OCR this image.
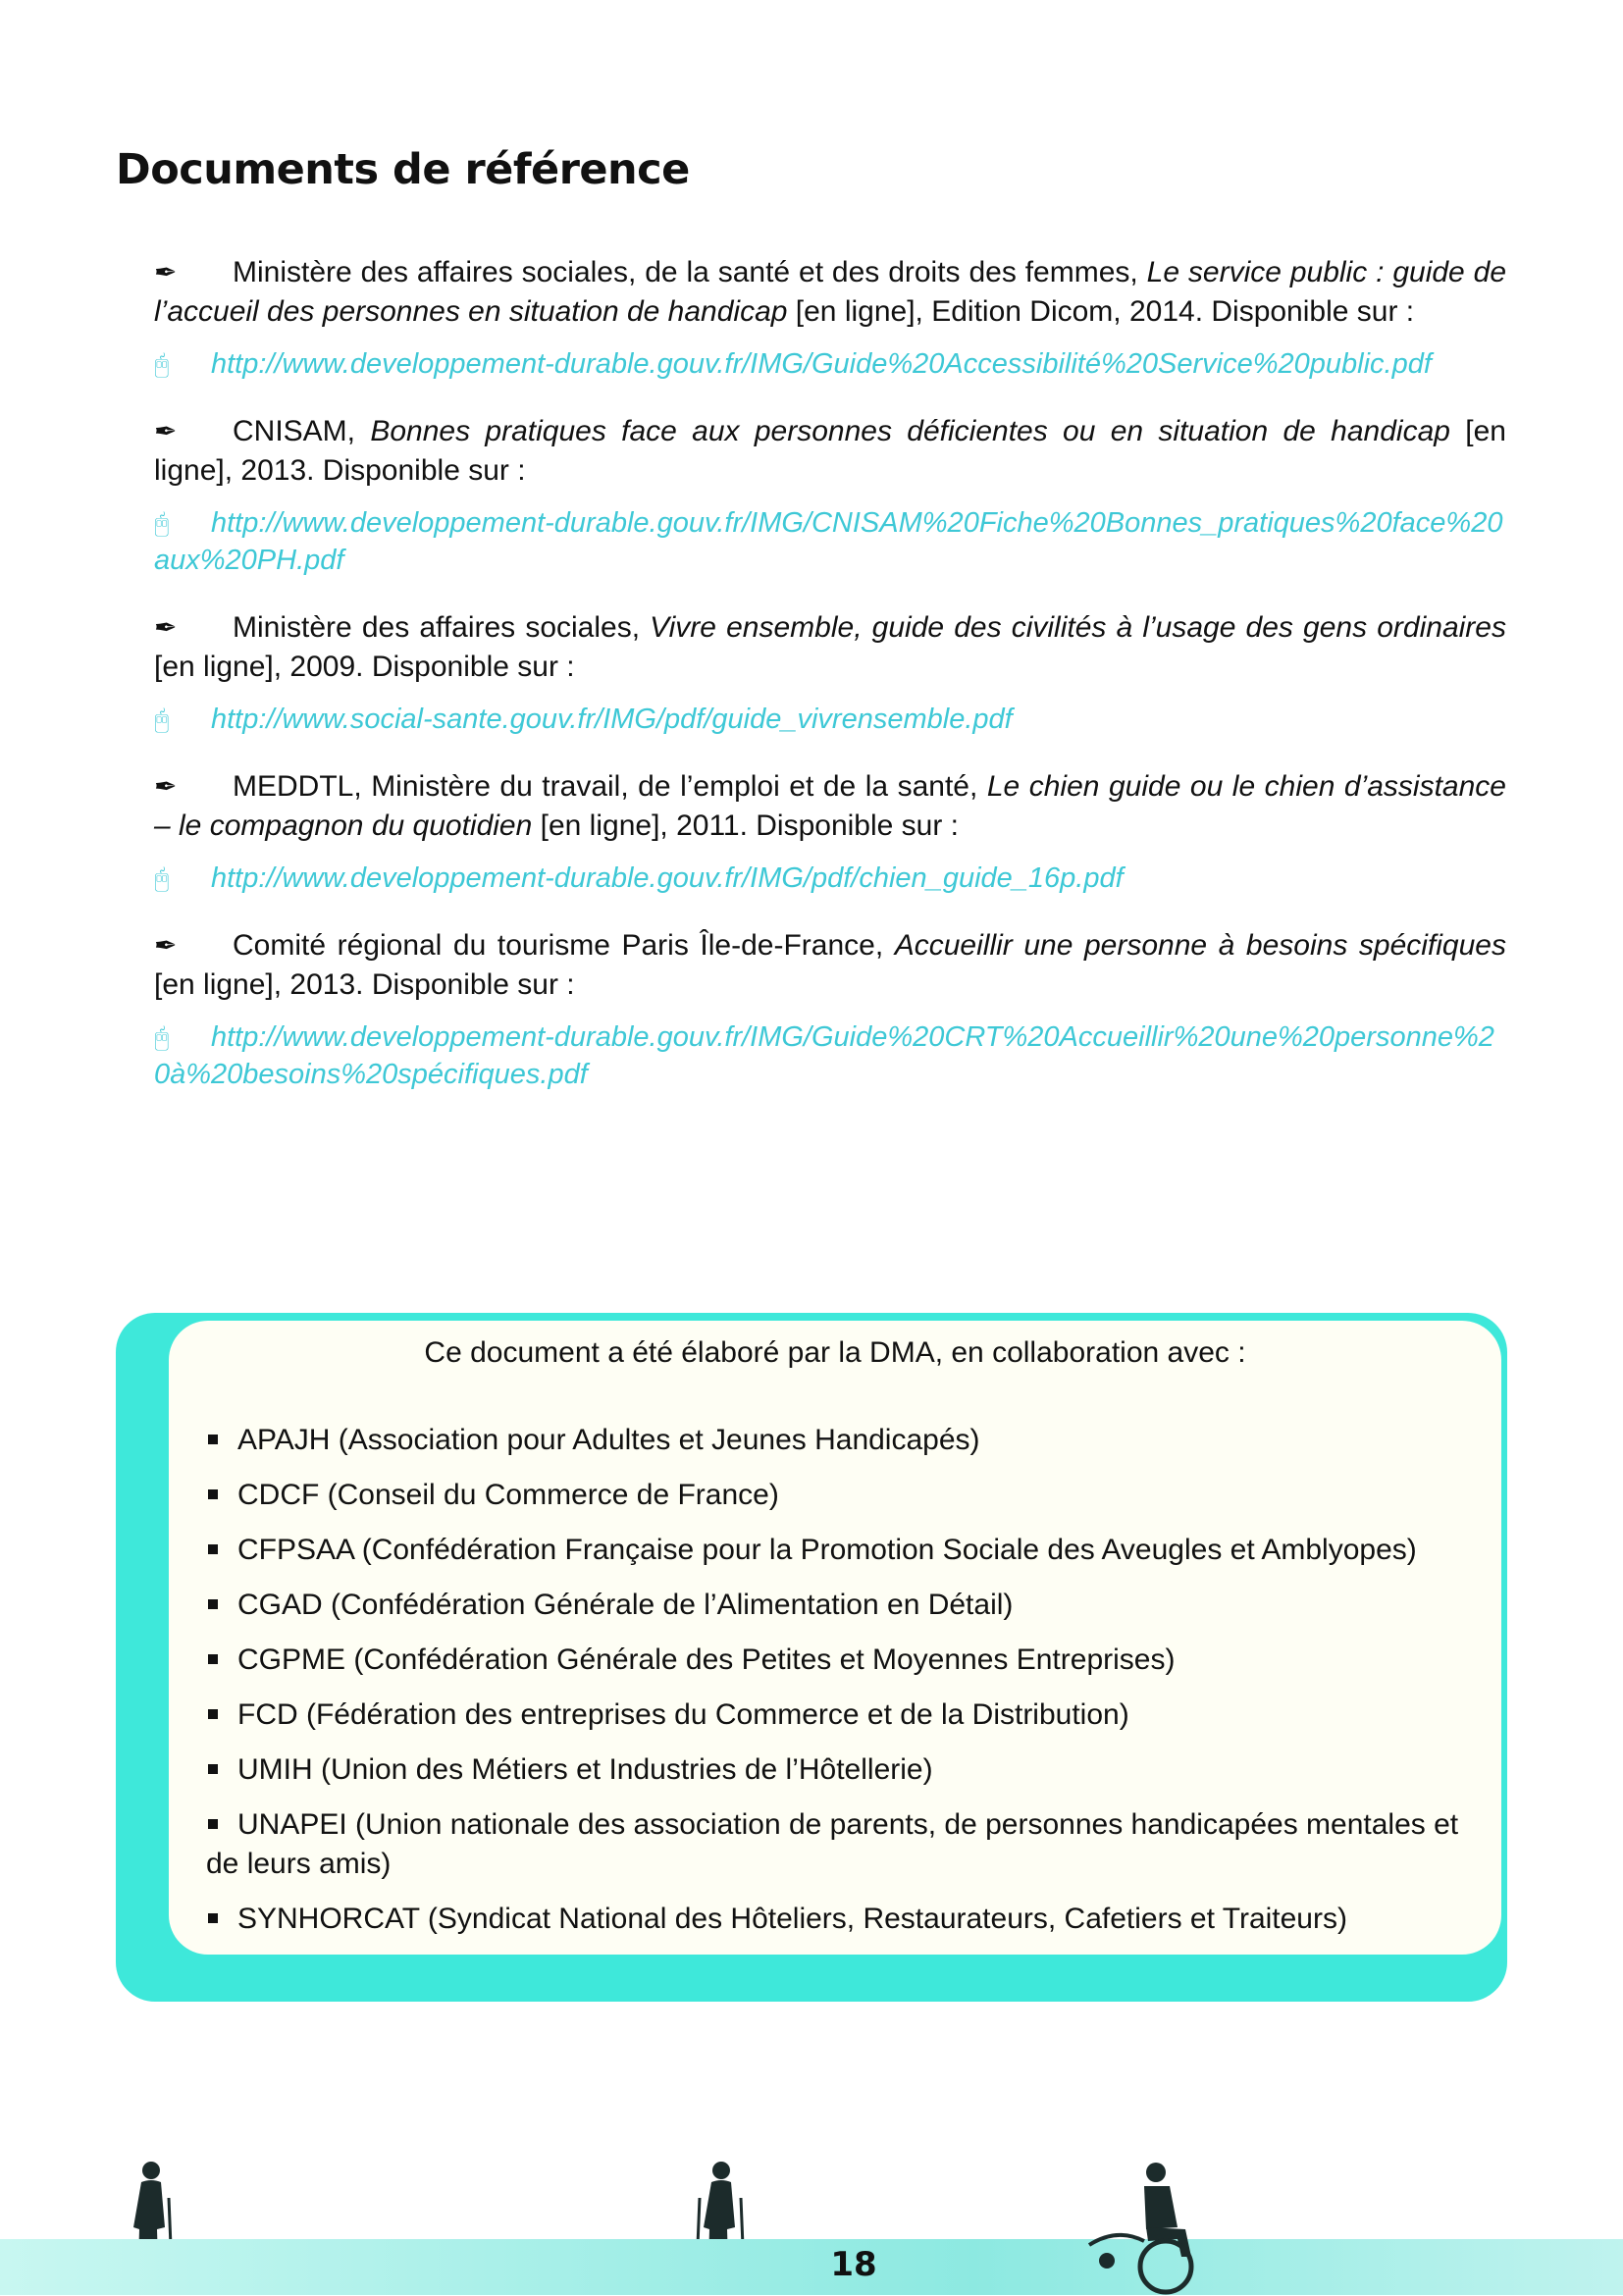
Documents de référence

✒ Ministère des affaires sociales, de la santé et des droits des femmes, Le service public : guide de l’accueil des personnes en situation de handicap [en ligne], Edition Dicom, 2014. Disponible sur :

🖰 http://www.developpement-durable.gouv.fr/IMG/Guide%20Accessibilité%20Service%20public.pdf

✒ CNISAM, Bonnes pratiques face aux personnes déficientes ou en situation de handicap [en ligne], 2013. Disponible sur :

🖰 http://www.developpement-durable.gouv.fr/IMG/CNISAM%20Fiche%20Bonnes_pratiques%20face%20aux%20PH.pdf

✒ Ministère des affaires sociales, Vivre ensemble, guide des civilités à l’usage des gens ordinaires [en ligne], 2009. Disponible sur :

🖰 http://www.social-sante.gouv.fr/IMG/pdf/guide_vivrensemble.pdf

✒ MEDDTL, Ministère du travail, de l’emploi et de la santé, Le chien guide ou le chien d’assistance – le compagnon du quotidien [en ligne], 2011. Disponible sur :

🖰 http://www.developpement-durable.gouv.fr/IMG/pdf/chien_guide_16p.pdf

✒ Comité régional du tourisme Paris Île-de-France, Accueillir une personne à besoins spécifiques [en ligne], 2013. Disponible sur :

🖰 http://www.developpement-durable.gouv.fr/IMG/Guide%20CRT%20Accueillir%20une%20personne%20à%20besoins%20spécifiques.pdf

Ce document a été élaboré par la DMA, en collaboration avec :

APAJH (Association pour Adultes et Jeunes Handicapés)
CDCF (Conseil du Commerce de France)
CFPSAA (Confédération Française pour la Promotion Sociale des Aveugles et Amblyopes)
CGAD (Confédération Générale de l’Alimentation en Détail)
CGPME (Confédération Générale des Petites et Moyennes Entreprises)
FCD (Fédération des entreprises du Commerce et de la Distribution)
UMIH (Union des Métiers et Industries de l’Hôtellerie)
UNAPEI (Union nationale des association de parents, de personnes handicapées mentales et de leurs amis)
SYNHORCAT (Syndicat National des Hôteliers, Restaurateurs, Cafetiers et Traiteurs)

18
